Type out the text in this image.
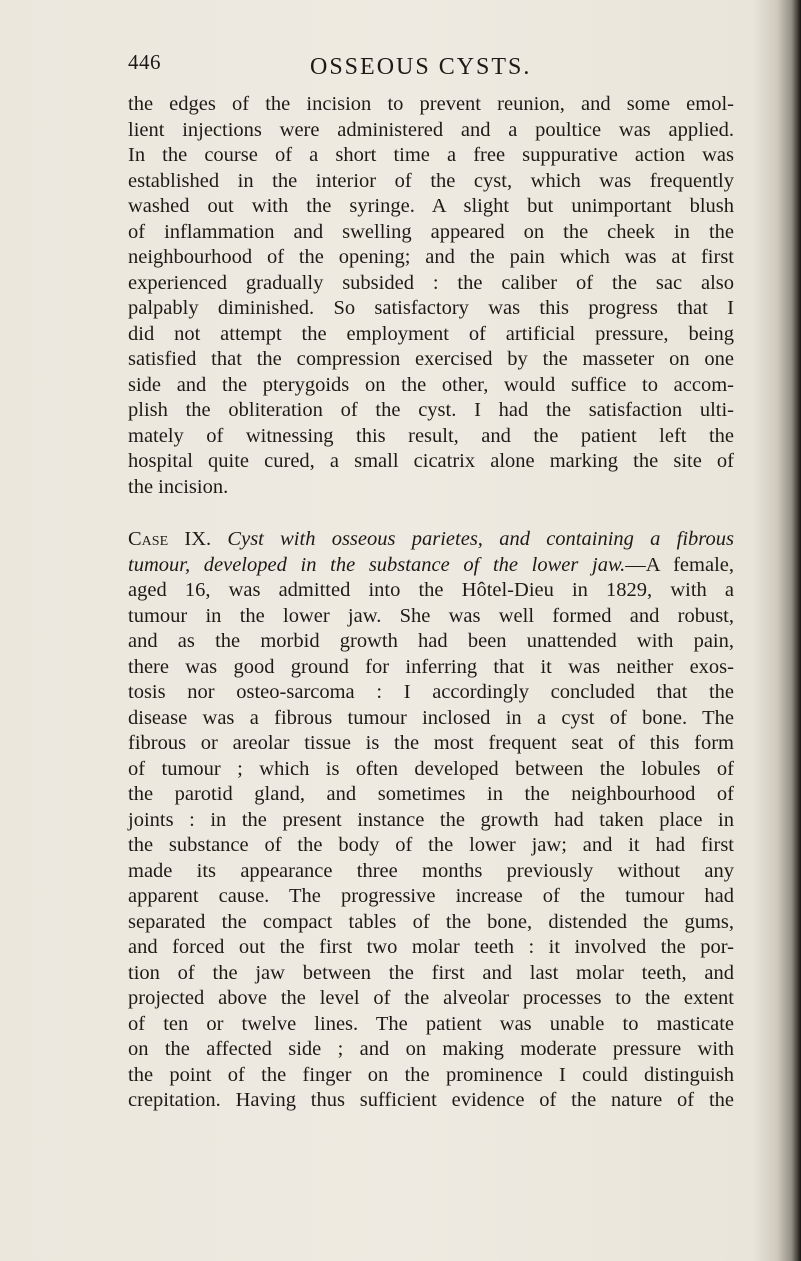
446	OSSEOUS CYSTS.
the edges of the incision to prevent reunion, and some emol-
lient injections were administered and a poultice was applied.
In the course of a short time a free suppurative action was
established in the interior of the cyst, which was frequently
washed out with the syringe. A slight but unimportant blush
of inflammation and swelling appeared on the cheek in the
neighbourhood of the opening; and the pain which was at first
experienced gradually subsided : the caliber of the sac also
palpably diminished. So satisfactory was this progress that I
did not attempt the employment of artificial pressure, being
satisfied that the compression exercised by the masseter on one
side and the pterygoids on the other, would suffice to accom-
plish the obliteration of the cyst. I had the satisfaction ulti-
mately of witnessing this result, and the patient left the
hospital quite cured, a small cicatrix alone marking the site of
the incision.
Case IX. Cyst with osseous parietes, and containing a fibrous
tumour, developed in the substance of the lower jaw.—A female,
aged 16, was admitted into the Hôtel-Dieu in 1829, with a
tumour in the lower jaw. She was well formed and robust,
and as the morbid growth had been unattended with pain,
there was good ground for inferring that it was neither exos-
tosis nor osteo-sarcoma : I accordingly concluded that the
disease was a fibrous tumour inclosed in a cyst of bone. The
fibrous or areolar tissue is the most frequent seat of this form
of tumour ; which is often developed between the lobules of
the parotid gland, and sometimes in the neighbourhood of
joints : in the present instance the growth had taken place in
the substance of the body of the lower jaw; and it had first
made its appearance three months previously without any
apparent cause. The progressive increase of the tumour had
separated the compact tables of the bone, distended the gums,
and forced out the first two molar teeth : it involved the por-
tion of the jaw between the first and last molar teeth, and
projected above the level of the alveolar processes to the extent
of ten or twelve lines. The patient was unable to masticate
on the affected side ; and on making moderate pressure with
the point of the finger on the prominence I could distinguish
crepitation. Having thus sufficient evidence of the nature of the
